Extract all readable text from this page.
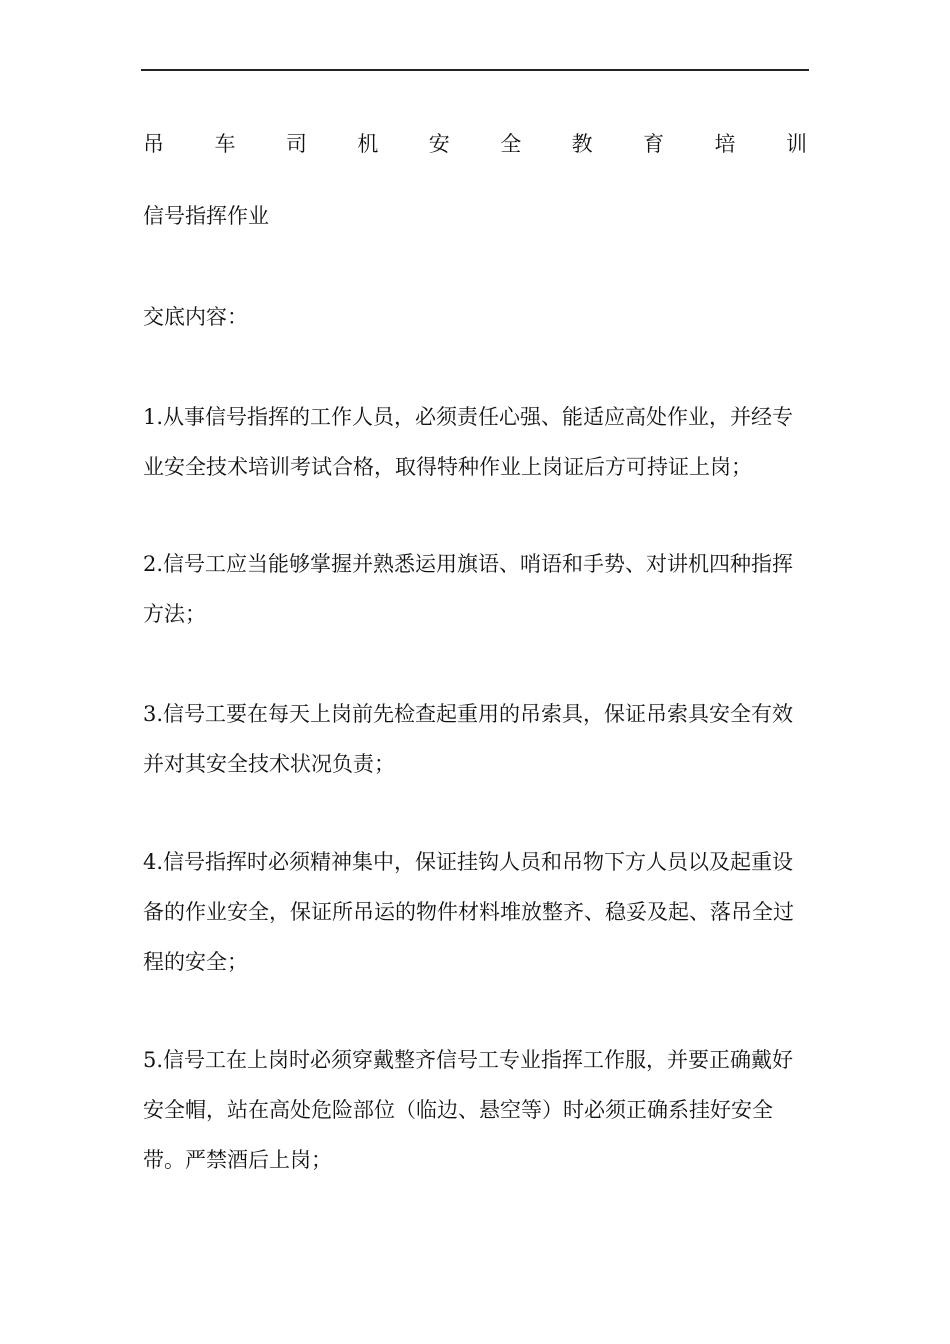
吊 车 司 机 安 全 教 育 培 训
信号指挥作业
交底内容：
1.从事信号指挥的工作人员，必须责任心强、能适应高处作业，并经专
业安全技术培训考试合格，取得特种作业上岗证后方可持证上岗；
2.信号工应当能够掌握并熟悉运用旗语、哨语和手势、对讲机四种指挥
方法；
3.信号工要在每天上岗前先检查起重用的吊索具，保证吊索具安全有效
并对其安全技术状况负责；
4.信号指挥时必须精神集中，保证挂钩人员和吊物下方人员以及起重设
备的作业安全，保证所吊运的物件材料堆放整齐、稳妥及起、落吊全过
程的安全；
5.信号工在上岗时必须穿戴整齐信号工专业指挥工作服，并要正确戴好
安全帽，站在高处危险部位（临边、悬空等）时必须正确系挂好安全
带。严禁酒后上岗；
